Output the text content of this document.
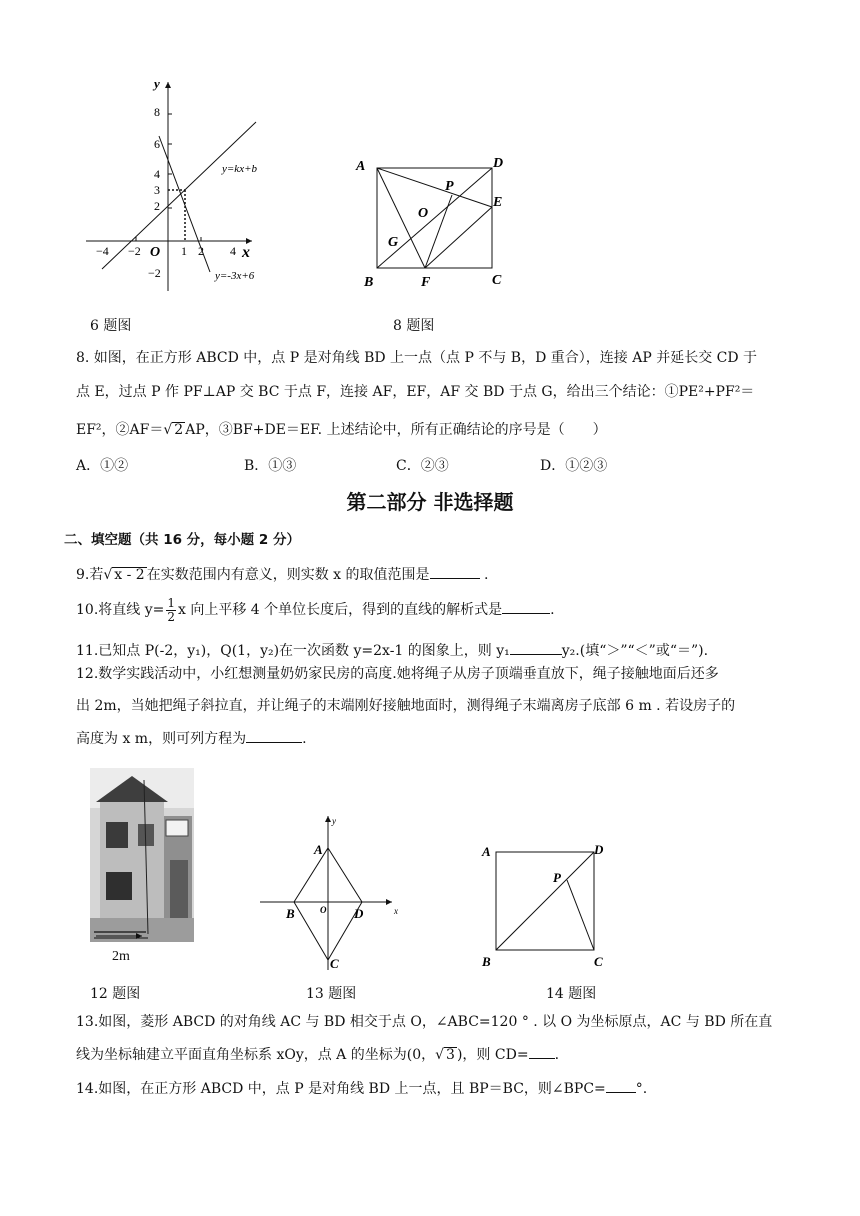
y
x
O
8
6
4
3
2
−2
−4 −2	1 2 4
y=kx+b
y=-3x+6
A	D
P
E
O
G
B	F	C
6 题图	8 题图
8. 如图，在正方形 ABCD 中，点 P 是对角线 BD 上一点（点 P 不与 B，D 重合），连接 AP 并延长交 CD 于
点 E，过点 P 作 PF⊥AP 交 BC 于点 F，连接 AF，EF，AF 交 BD 于点 G，给出三个结论：①PE²+PF²＝
EF²，②AF＝√ 2 AP，③BF+DE＝EF. 上述结论中，所有正确结论的序号是（　　）
A．①②	B．①③	C．②③	D．①②③
第二部分 非选择题
二、填空题（共 16 分，每小题 2 分）
9.若√ x - 2 在实数范围内有意义，则实数 x 的取值范围是	.
10.将直线 $y= \frac{1}{2}$ x 向上平移 4 个单位长度后，得到的直线的解析式是	.
11.已知点 P(-2，y₁)，Q(1，y₂)在一次函数 y=2x-1 的图象上，则 y₁	y₂.(填“＞”“＜”或“＝”).
12.数学实践活动中，小红想测量奶奶家民房的高度.她将绳子从房子顶端垂直放下，绳子接触地面后还多
出 2m，当她把绳子斜拉直，并让绳子的末端刚好接触地面时，测得绳子末端离房子底部 6 m . 若设房子的
高度为 x m，则可列方程为	.
2m
y
x
A
B	O D
C
A	D
P
B	C
12 题图	13 题图	14 题图
13.如图，菱形 ABCD 的对角线 AC 与 BD 相交于点 O，∠ABC=120 ° . 以 O 为坐标原点，AC 与 BD 所在直
线为坐标轴建立平面直角坐标系 xOy，点 A 的坐标为(0，√ 3 )，则 CD= .
14.如图，在正方形 ABCD 中，点 P 是对角线 BD 上一点，且 BP＝BC，则∠BPC= °.
